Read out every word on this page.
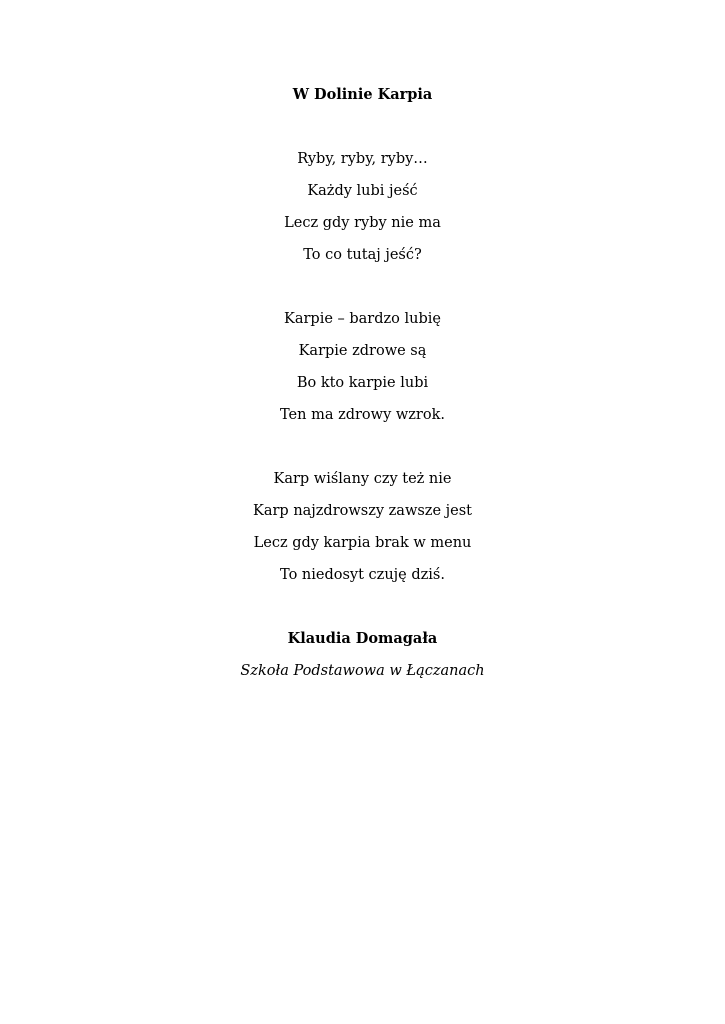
W Dolinie Karpia
Ryby, ryby, ryby…
Każdy lubi jeść
Lecz gdy ryby nie ma
To co tutaj jeść?
Karpie – bardzo lubię
Karpie zdrowe są
Bo kto karpie lubi
Ten ma zdrowy wzrok.
Karp wiślany czy też nie
Karp najzdrowszy zawsze jest
Lecz gdy karpia brak w menu
To niedosyt czuję dziś.
Klaudia Domagała
Szkoła Podstawowa w Łączanach
